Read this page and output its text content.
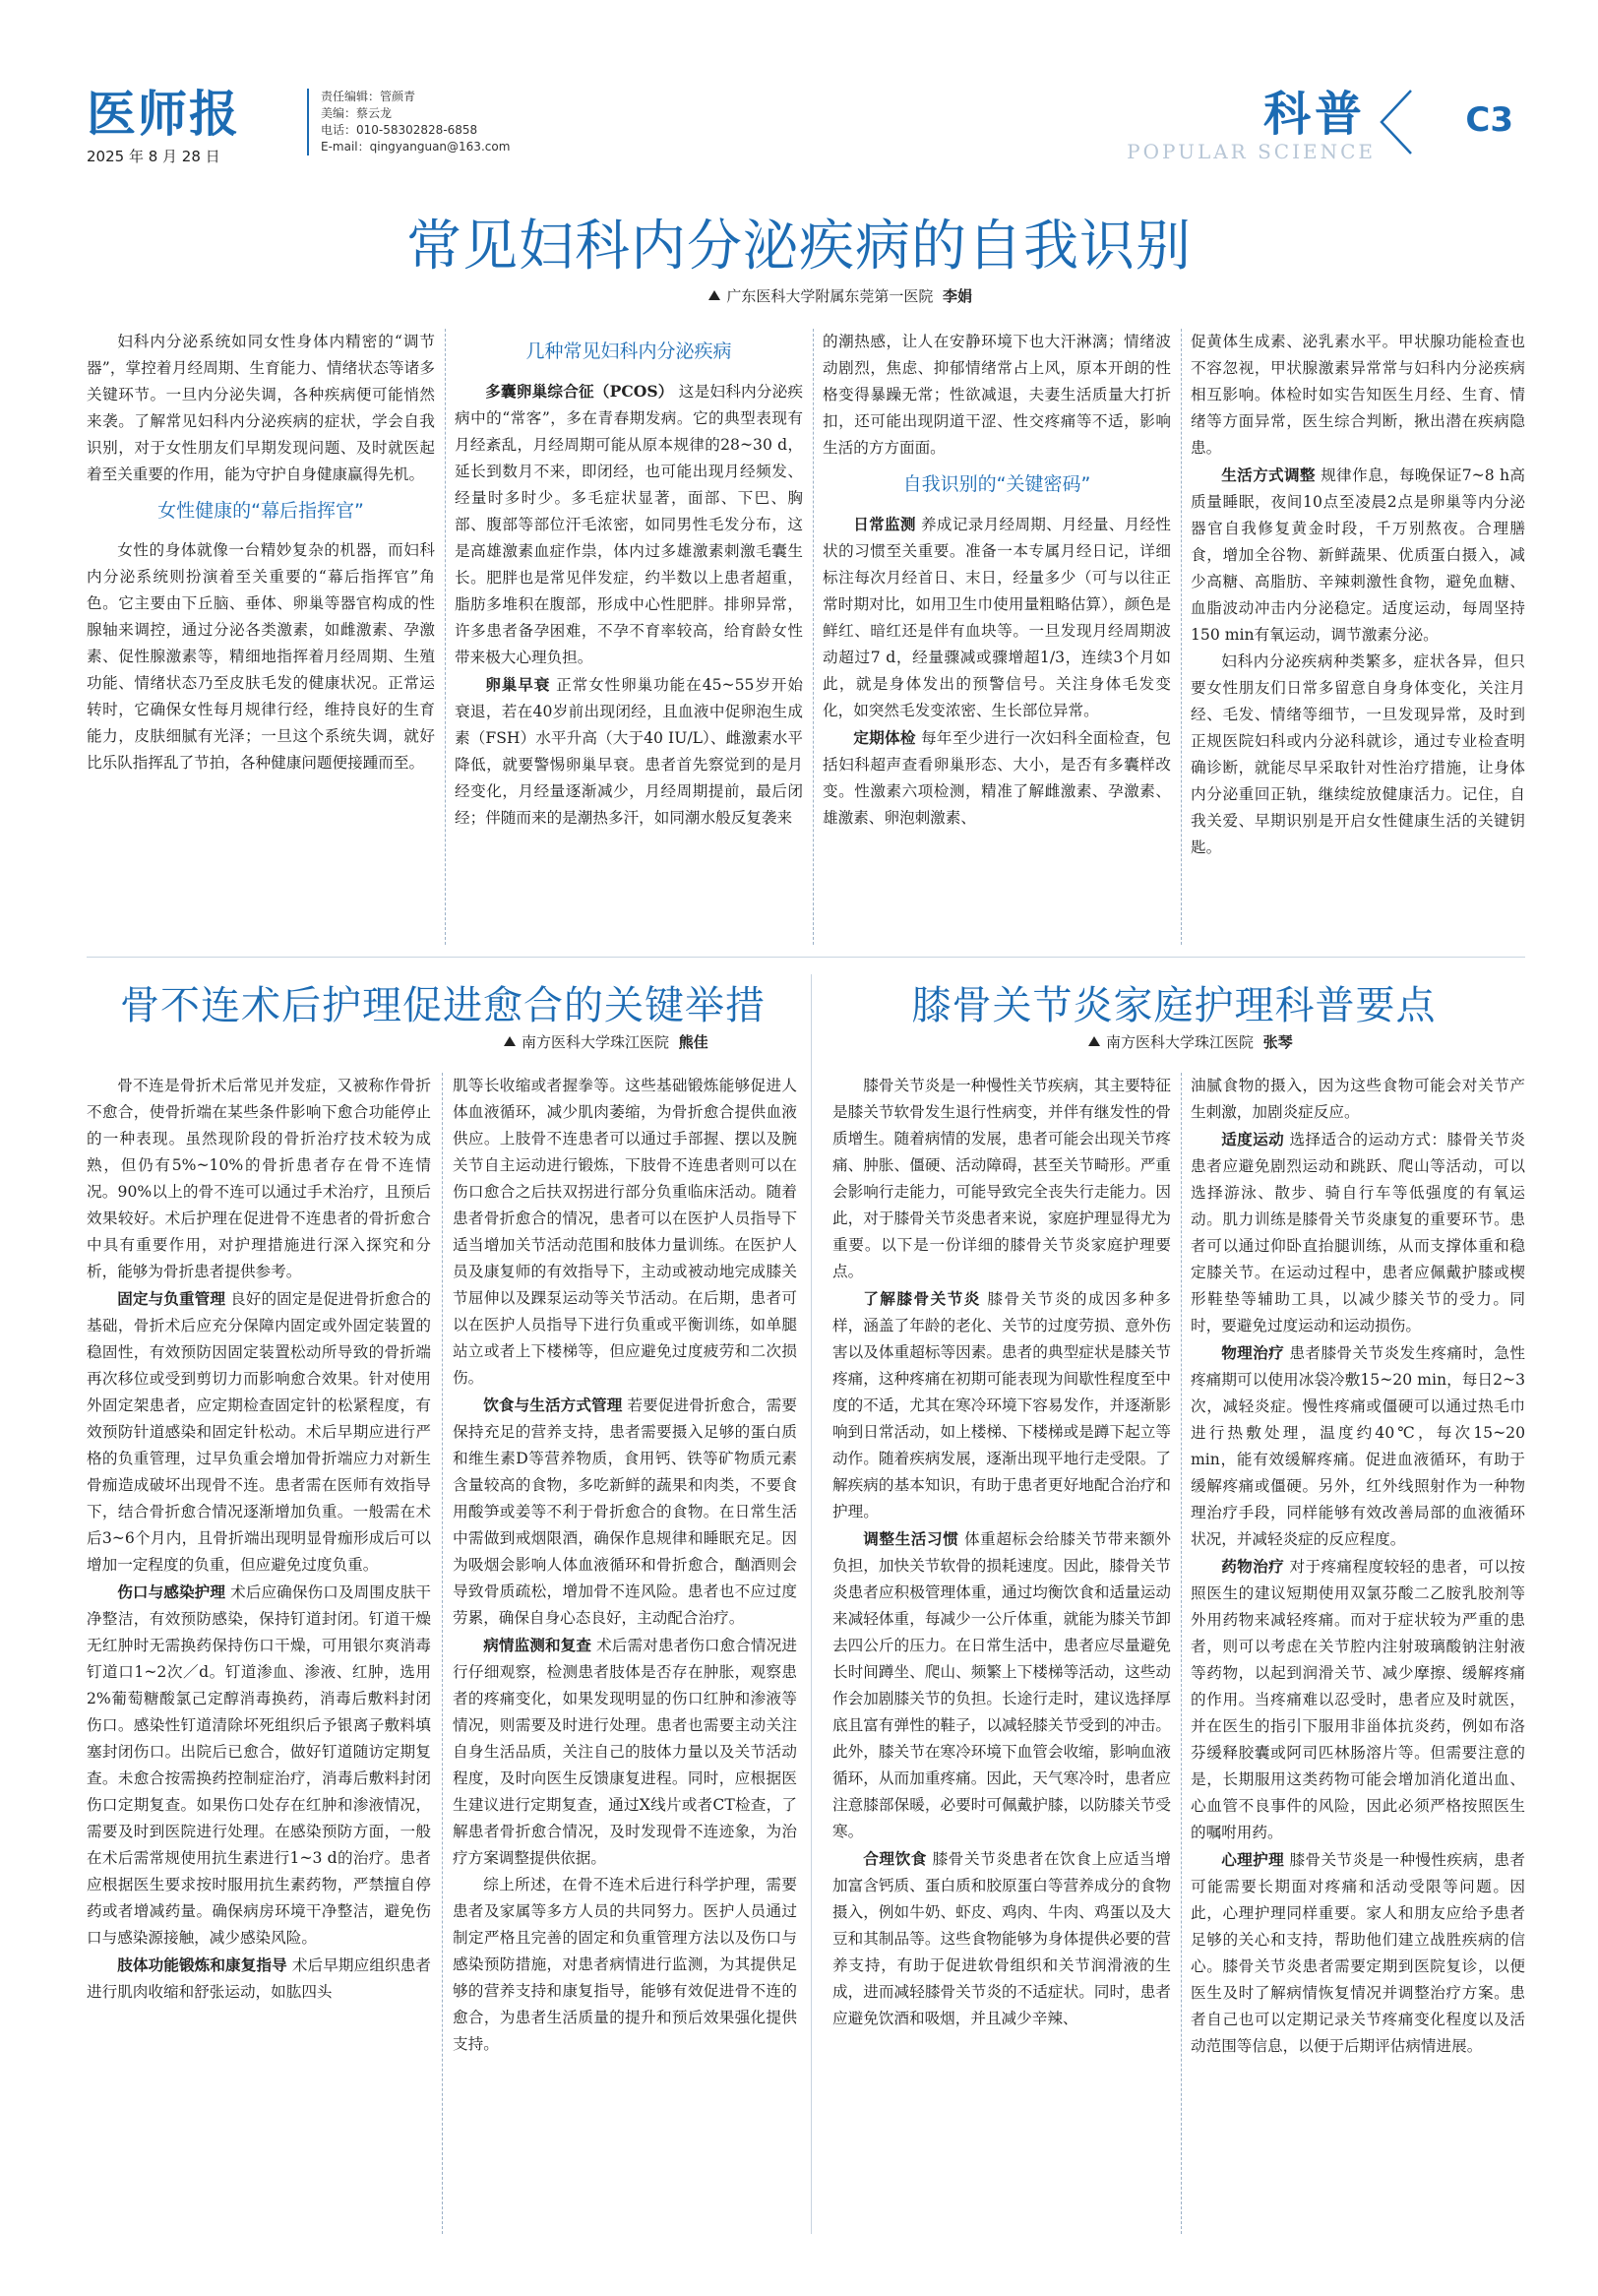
医师报
2025 年 8 月 28 日
责任编辑：管颜青
美编：蔡云龙
电话：010-58302828-6858
E-mail：qingyanguan@163.com
科普
POPULAR SCIENCE
C3
常见妇科内分泌疾病的自我识别
广东医科大学附属东莞第一医院 李娟

妇科内分泌系统如同女性身体内精密的“调节器”，掌控着月经周期、生育能力、情绪状态等诸多关键环节。一旦内分泌失调，各种疾病便可能悄然来袭。了解常见妇科内分泌疾病的症状，学会自我识别，对于女性朋友们早期发现问题、及时就医起着至关重要的作用，能为守护自身健康赢得先机。

女性健康的“幕后指挥官”

女性的身体就像一台精妙复杂的机器，而妇科内分泌系统则扮演着至关重要的“幕后指挥官”角色。它主要由下丘脑、垂体、卵巢等器官构成的性腺轴来调控，通过分泌各类激素，如雌激素、孕激素、促性腺激素等，精细地指挥着月经周期、生殖功能、情绪状态乃至皮肤毛发的健康状况。正常运转时，它确保女性每月规律行经，维持良好的生育能力，皮肤细腻有光泽；一旦这个系统失调，就好比乐队指挥乱了节拍，各种健康问题便接踵而至。

几种常见妇科内分泌疾病

多囊卵巢综合征（PCOS） 这是妇科内分泌疾病中的“常客”，多在青春期发病。它的典型表现有月经紊乱，月经周期可能从原本规律的28~30 d，延长到数月不来，即闭经，也可能出现月经频发、经量时多时少。多毛症状显著，面部、下巴、胸部、腹部等部位汗毛浓密，如同男性毛发分布，这是高雄激素血症作祟，体内过多雄激素刺激毛囊生长。肥胖也是常见伴发症，约半数以上患者超重，脂肪多堆积在腹部，形成中心性肥胖。排卵异常，许多患者备孕困难，不孕不育率较高，给育龄女性带来极大心理负担。

卵巢早衰 正常女性卵巢功能在45~55岁开始衰退，若在40岁前出现闭经，且血液中促卵泡生成素（FSH）水平升高（大于40 IU/L）、雌激素水平降低，就要警惕卵巢早衰。患者首先察觉到的是月经变化，月经量逐渐减少，月经周期提前，最后闭经；伴随而来的是潮热多汗，如同潮水般反复袭来

的潮热感，让人在安静环境下也大汗淋漓；情绪波动剧烈，焦虑、抑郁情绪常占上风，原本开朗的性格变得暴躁无常；性欲减退，夫妻生活质量大打折扣，还可能出现阴道干涩、性交疼痛等不适，影响生活的方方面面。

自我识别的“关键密码”

日常监测 养成记录月经周期、月经量、月经性状的习惯至关重要。准备一本专属月经日记，详细标注每次月经首日、末日，经量多少（可与以往正常时期对比，如用卫生巾使用量粗略估算），颜色是鲜红、暗红还是伴有血块等。一旦发现月经周期波动超过7 d，经量骤减或骤增超1/3，连续3个月如此，就是身体发出的预警信号。关注身体毛发变化，如突然毛发变浓密、生长部位异常。

定期体检 每年至少进行一次妇科全面检查，包括妇科超声查看卵巢形态、大小，是否有多囊样改变。性激素六项检测，精准了解雌激素、孕激素、雄激素、卵泡刺激素、

促黄体生成素、泌乳素水平。甲状腺功能检查也不容忽视，甲状腺激素异常常与妇科内分泌疾病相互影响。体检时如实告知医生月经、生育、情绪等方面异常，医生综合判断，揪出潜在疾病隐患。

生活方式调整 规律作息，每晚保证7~8 h高质量睡眠，夜间10点至凌晨2点是卵巢等内分泌器官自我修复黄金时段，千万别熬夜。合理膳食，增加全谷物、新鲜蔬果、优质蛋白摄入，减少高糖、高脂肪、辛辣刺激性食物，避免血糖、血脂波动冲击内分泌稳定。适度运动，每周坚持150 min有氧运动，调节激素分泌。

妇科内分泌疾病种类繁多，症状各异，但只要女性朋友们日常多留意自身身体变化，关注月经、毛发、情绪等细节，一旦发现异常，及时到正规医院妇科或内分泌科就诊，通过专业检查明确诊断，就能尽早采取针对性治疗措施，让身体内分泌重回正轨，继续绽放健康活力。记住，自我关爱、早期识别是开启女性健康生活的关键钥匙。

骨不连术后护理促进愈合的关键举措
南方医科大学珠江医院 熊佳

骨不连是骨折术后常见并发症，又被称作骨折不愈合，使骨折端在某些条件影响下愈合功能停止的一种表现。虽然现阶段的骨折治疗技术较为成熟，但仍有5%~10%的骨折患者存在骨不连情况。90%以上的骨不连可以通过手术治疗，且预后效果较好。术后护理在促进骨不连患者的骨折愈合中具有重要作用，对护理措施进行深入探究和分析，能够为骨折患者提供参考。

固定与负重管理 良好的固定是促进骨折愈合的基础，骨折术后应充分保障内固定或外固定装置的稳固性，有效预防因固定装置松动所导致的骨折端再次移位或受到剪切力而影响愈合效果。针对使用外固定架患者，应定期检查固定针的松紧程度，有效预防针道感染和固定针松动。术后早期应进行严格的负重管理，过早负重会增加骨折端应力对新生骨痂造成破坏出现骨不连。患者需在医师有效指导下，结合骨折愈合情况逐渐增加负重。一般需在术后3~6个月内，且骨折端出现明显骨痂形成后可以增加一定程度的负重，但应避免过度负重。

伤口与感染护理 术后应确保伤口及周围皮肤干净整洁，有效预防感染，保持钉道封闭。钉道干燥无红肿时无需换药保持伤口干燥，可用银尔爽消毒钉道口1~2次／d。钉道渗血、渗液、红肿，选用2%葡萄糖酸氯己定醇消毒换药，消毒后敷料封闭伤口。感染性钉道清除坏死组织后予银离子敷料填塞封闭伤口。出院后已愈合，做好钉道随访定期复查。未愈合按需换药控制症治疗，消毒后敷料封闭伤口定期复查。如果伤口处存在红肿和渗液情况，需要及时到医院进行处理。在感染预防方面，一般在术后需常规使用抗生素进行1~3 d的治疗。患者应根据医生要求按时服用抗生素药物，严禁擅自停药或者增减药量。确保病房环境干净整洁，避免伤口与感染源接触，减少感染风险。

肢体功能锻炼和康复指导 术后早期应组织患者进行肌肉收缩和舒张运动，如肱四头

肌等长收缩或者握拳等。这些基础锻炼能够促进人体血液循环，减少肌肉萎缩，为骨折愈合提供血液供应。上肢骨不连患者可以通过手部握、摆以及腕关节自主运动进行锻炼，下肢骨不连患者则可以在伤口愈合之后扶双拐进行部分负重临床活动。随着患者骨折愈合的情况，患者可以在医护人员指导下适当增加关节活动范围和肢体力量训练。在医护人员及康复师的有效指导下，主动或被动地完成膝关节屈伸以及踝泵运动等关节活动。在后期，患者可以在医护人员指导下进行负重或平衡训练，如单腿站立或者上下楼梯等，但应避免过度疲劳和二次损伤。

饮食与生活方式管理 若要促进骨折愈合，需要保持充足的营养支持，患者需要摄入足够的蛋白质和维生素D等营养物质，食用钙、铁等矿物质元素含量较高的食物，多吃新鲜的蔬果和肉类，不要食用酸笋或姜等不利于骨折愈合的食物。在日常生活中需做到戒烟限酒，确保作息规律和睡眠充足。因为吸烟会影响人体血液循环和骨折愈合，酗酒则会导致骨质疏松，增加骨不连风险。患者也不应过度劳累，确保自身心态良好，主动配合治疗。

病情监测和复查 术后需对患者伤口愈合情况进行仔细观察，检测患者肢体是否存在肿胀，观察患者的疼痛变化，如果发现明显的伤口红肿和渗液等情况，则需要及时进行处理。患者也需要主动关注自身生活品质，关注自己的肢体力量以及关节活动程度，及时向医生反馈康复进程。同时，应根据医生建议进行定期复查，通过X线片或者CT检查，了解患者骨折愈合情况，及时发现骨不连迹象，为治疗方案调整提供依据。

综上所述，在骨不连术后进行科学护理，需要患者及家属等多方人员的共同努力。医护人员通过制定严格且完善的固定和负重管理方法以及伤口与感染预防措施，对患者病情进行监测，为其提供足够的营养支持和康复指导，能够有效促进骨不连的愈合，为患者生活质量的提升和预后效果强化提供支持。

膝骨关节炎家庭护理科普要点
南方医科大学珠江医院 张琴

膝骨关节炎是一种慢性关节疾病，其主要特征是膝关节软骨发生退行性病变，并伴有继发性的骨质增生。随着病情的发展，患者可能会出现关节疼痛、肿胀、僵硬、活动障碍，甚至关节畸形。严重会影响行走能力，可能导致完全丧失行走能力。因此，对于膝骨关节炎患者来说，家庭护理显得尤为重要。以下是一份详细的膝骨关节炎家庭护理要点。

了解膝骨关节炎 膝骨关节炎的成因多种多样，涵盖了年龄的老化、关节的过度劳损、意外伤害以及体重超标等因素。患者的典型症状是膝关节疼痛，这种疼痛在初期可能表现为间歇性程度至中度的不适，尤其在寒冷环境下容易发作，并逐渐影响到日常活动，如上楼梯、下楼梯或是蹲下起立等动作。随着疾病发展，逐渐出现平地行走受限。了解疾病的基本知识，有助于患者更好地配合治疗和护理。

调整生活习惯 体重超标会给膝关节带来额外负担，加快关节软骨的损耗速度。因此，膝骨关节炎患者应积极管理体重，通过均衡饮食和适量运动来减轻体重，每减少一公斤体重，就能为膝关节卸去四公斤的压力。在日常生活中，患者应尽量避免长时间蹲坐、爬山、频繁上下楼梯等活动，这些动作会加剧膝关节的负担。长途行走时，建议选择厚底且富有弹性的鞋子，以减轻膝关节受到的冲击。此外，膝关节在寒冷环境下血管会收缩，影响血液循环，从而加重疼痛。因此，天气寒冷时，患者应注意膝部保暖，必要时可佩戴护膝，以防膝关节受寒。

合理饮食 膝骨关节炎患者在饮食上应适当增加富含钙质、蛋白质和胶原蛋白等营养成分的食物摄入，例如牛奶、虾皮、鸡肉、牛肉、鸡蛋以及大豆和其制品等。这些食物能够为身体提供必要的营养支持，有助于促进软骨组织和关节润滑液的生成，进而减轻膝骨关节炎的不适症状。同时，患者应避免饮酒和吸烟，并且减少辛辣、

油腻食物的摄入，因为这些食物可能会对关节产生刺激，加剧炎症反应。

适度运动 选择适合的运动方式：膝骨关节炎患者应避免剧烈运动和跳跃、爬山等活动，可以选择游泳、散步、骑自行车等低强度的有氧运动。肌力训练是膝骨关节炎康复的重要环节。患者可以通过仰卧直抬腿训练，从而支撑体重和稳定膝关节。在运动过程中，患者应佩戴护膝或楔形鞋垫等辅助工具，以减少膝关节的受力。同时，要避免过度运动和运动损伤。

物理治疗 患者膝骨关节炎发生疼痛时，急性疼痛期可以使用冰袋冷敷15~20 min，每日2~3次，减轻炎症。慢性疼痛或僵硬可以通过热毛巾进行热敷处理，温度约40℃，每次15~20 min，能有效缓解疼痛。促进血液循环，有助于缓解疼痛或僵硬。另外，红外线照射作为一种物理治疗手段，同样能够有效改善局部的血液循环状况，并减轻炎症的反应程度。

药物治疗 对于疼痛程度较轻的患者，可以按照医生的建议短期使用双氯芬酸二乙胺乳胶剂等外用药物来减轻疼痛。而对于症状较为严重的患者，则可以考虑在关节腔内注射玻璃酸钠注射液等药物，以起到润滑关节、减少摩擦、缓解疼痛的作用。当疼痛难以忍受时，患者应及时就医，并在医生的指引下服用非甾体抗炎药，例如布洛芬缓释胶囊或阿司匹林肠溶片等。但需要注意的是，长期服用这类药物可能会增加消化道出血、心血管不良事件的风险，因此必须严格按照医生的嘱咐用药。

心理护理 膝骨关节炎是一种慢性疾病，患者可能需要长期面对疼痛和活动受限等问题。因此，心理护理同样重要。家人和朋友应给予患者足够的关心和支持，帮助他们建立战胜疾病的信心。膝骨关节炎患者需要定期到医院复诊，以便医生及时了解病情恢复情况并调整治疗方案。患者自己也可以定期记录关节疼痛变化程度以及活动范围等信息，以便于后期评估病情进展。
